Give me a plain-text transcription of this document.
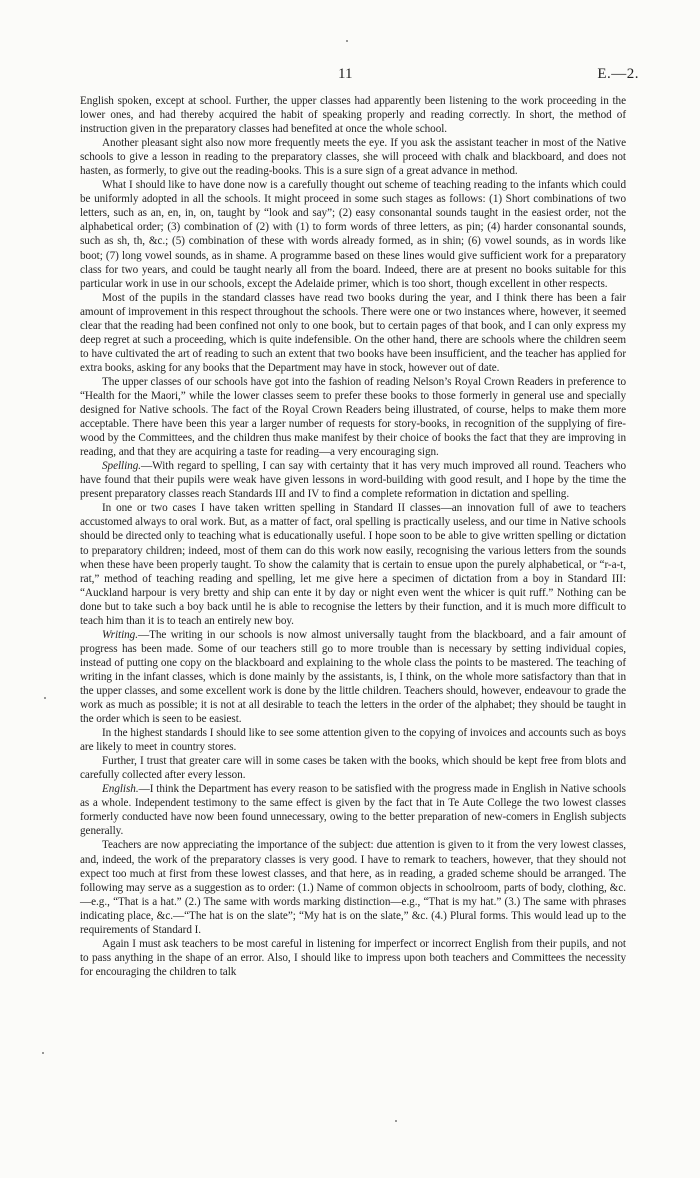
11	E.—2.

English spoken, except at school. Further, the upper classes had apparently been listening to the work proceeding in the lower ones, and had thereby acquired the habit of speaking properly and reading correctly. In short, the method of instruction given in the preparatory classes had benefited at once the whole school.

Another pleasant sight also now more frequently meets the eye. If you ask the assistant teacher in most of the Native schools to give a lesson in reading to the preparatory classes, she will proceed with chalk and blackboard, and does not hasten, as formerly, to give out the reading-books. This is a sure sign of a great advance in method.

What I should like to have done now is a carefully thought out scheme of teaching reading to the infants which could be uniformly adopted in all the schools. It might proceed in some such stages as follows: (1) Short combinations of two letters, such as an, en, in, on, taught by “look and say”; (2) easy consonantal sounds taught in the easiest order, not the alphabetical order; (3) combination of (2) with (1) to form words of three letters, as pin; (4) harder consonantal sounds, such as sh, th, &c.; (5) combination of these with words already formed, as in shin; (6) vowel sounds, as in words like boot; (7) long vowel sounds, as in shame. A programme based on these lines would give sufficient work for a preparatory class for two years, and could be taught nearly all from the board. Indeed, there are at present no books suitable for this particular work in use in our schools, except the Adelaide primer, which is too short, though excellent in other respects.

Most of the pupils in the standard classes have read two books during the year, and I think there has been a fair amount of improvement in this respect throughout the schools. There were one or two instances where, however, it seemed clear that the reading had been confined not only to one book, but to certain pages of that book, and I can only express my deep regret at such a proceeding, which is quite indefensible. On the other hand, there are schools where the children seem to have cultivated the art of reading to such an extent that two books have been insufficient, and the teacher has applied for extra books, asking for any books that the Department may have in stock, however out of date.

The upper classes of our schools have got into the fashion of reading Nelson’s Royal Crown Readers in preference to “Health for the Maori,” while the lower classes seem to prefer these books to those formerly in general use and specially designed for Native schools. The fact of the Royal Crown Readers being illustrated, of course, helps to make them more acceptable. There have been this year a larger number of requests for story-books, in recognition of the supplying of fire-wood by the Committees, and the children thus make manifest by their choice of books the fact that they are improving in reading, and that they are acquiring a taste for reading—a very encouraging sign.

Spelling.—With regard to spelling, I can say with certainty that it has very much improved all round. Teachers who have found that their pupils were weak have given lessons in word-building with good result, and I hope by the time the present preparatory classes reach Standards III and IV to find a complete reformation in dictation and spelling.

In one or two cases I have taken written spelling in Standard II classes—an innovation full of awe to teachers accustomed always to oral work. But, as a matter of fact, oral spelling is practically useless, and our time in Native schools should be directed only to teaching what is educationally useful. I hope soon to be able to give written spelling or dictation to preparatory children; indeed, most of them can do this work now easily, recognising the various letters from the sounds when these have been properly taught. To show the calamity that is certain to ensue upon the purely alphabetical, or “r-a-t, rat,” method of teaching reading and spelling, let me give here a specimen of dictation from a boy in Standard III: “Auckland harpour is very bretty and ship can ente it by day or night even went the whicer is quit ruff.” Nothing can be done but to take such a boy back until he is able to recognise the letters by their function, and it is much more difficult to teach him than it is to teach an entirely new boy.

Writing.—The writing in our schools is now almost universally taught from the blackboard, and a fair amount of progress has been made. Some of our teachers still go to more trouble than is necessary by setting individual copies, instead of putting one copy on the blackboard and explaining to the whole class the points to be mastered. The teaching of writing in the infant classes, which is done mainly by the assistants, is, I think, on the whole more satisfactory than that in the upper classes, and some excellent work is done by the little children. Teachers should, however, endeavour to grade the work as much as possible; it is not at all desirable to teach the letters in the order of the alphabet; they should be taught in the order which is seen to be easiest.

In the highest standards I should like to see some attention given to the copying of invoices and accounts such as boys are likely to meet in country stores.

Further, I trust that greater care will in some cases be taken with the books, which should be kept free from blots and carefully collected after every lesson.

English.—I think the Department has every reason to be satisfied with the progress made in English in Native schools as a whole. Independent testimony to the same effect is given by the fact that in Te Aute College the two lowest classes formerly conducted have now been found unnecessary, owing to the better preparation of new-comers in English subjects generally.

Teachers are now appreciating the importance of the subject: due attention is given to it from the very lowest classes, and, indeed, the work of the preparatory classes is very good. I have to remark to teachers, however, that they should not expect too much at first from these lowest classes, and that here, as in reading, a graded scheme should be arranged. The following may serve as a suggestion as to order: (1.) Name of common objects in schoolroom, parts of body, clothing, &c.—e.g., “That is a hat.” (2.) The same with words marking distinction—e.g., “That is my hat.” (3.) The same with phrases indicating place, &c.—“The hat is on the slate”; “My hat is on the slate,” &c. (4.) Plural forms. This would lead up to the requirements of Standard I.

Again I must ask teachers to be most careful in listening for imperfect or incorrect English from their pupils, and not to pass anything in the shape of an error. Also, I should like to impress upon both teachers and Committees the necessity for encouraging the children to talk
